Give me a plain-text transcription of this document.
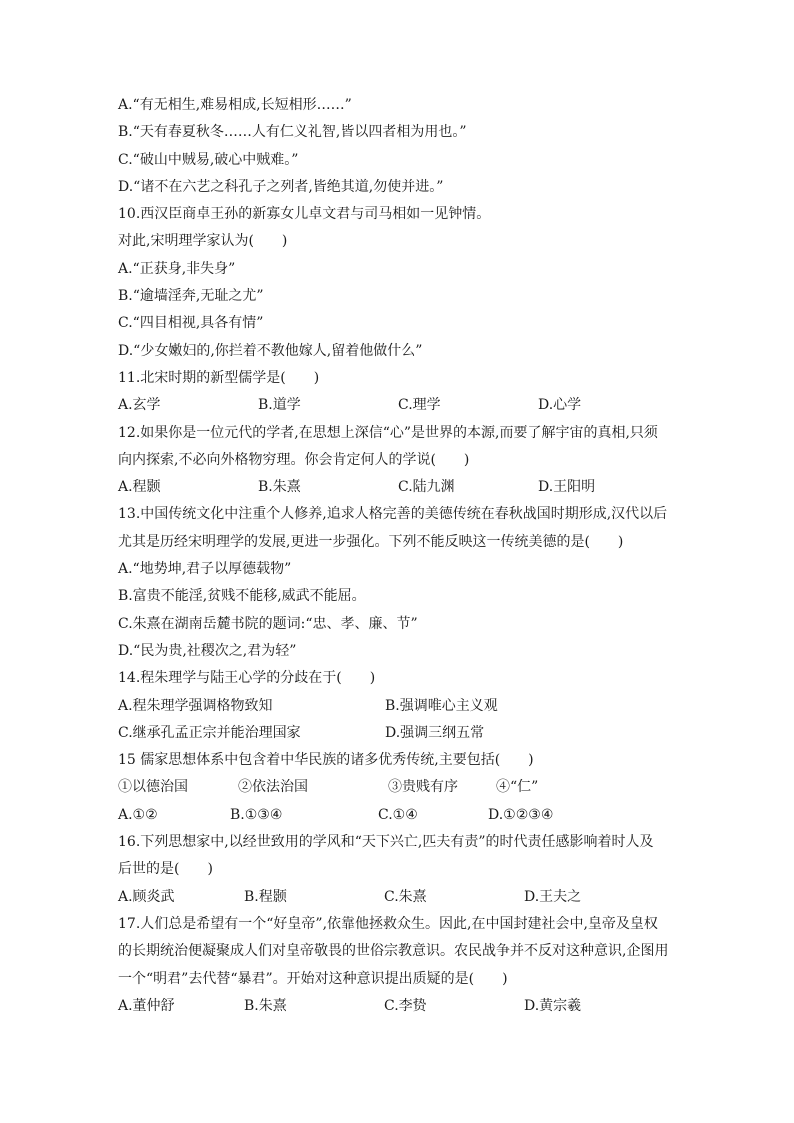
A.“有无相生,难易相成,长短相形……”
B.“天有春夏秋冬……人有仁义礼智,皆以四者相为用也。”
C.“破山中贼易,破心中贼难。”
D.“诸不在六艺之科孔子之列者,皆绝其道,勿使并进。”
10.西汉臣商卓王孙的新寡女儿卓文君与司马相如一见钟情。
对此,宋明理学家认为(　　)
A.“正获身,非失身”
B.“逾墙淫奔,无耻之尤”
C.“四目相视,具各有情”
D.“少女嫩妇的,你拦着不教他嫁人,留着他做什么”
11.北宋时期的新型儒学是(　　)
A.玄学	B.道学	C.理学	D.心学
12.如果你是一位元代的学者,在思想上深信“心”是世界的本源,而要了解宇宙的真相,只须
向内探索,不必向外格物穷理。你会肯定何人的学说(　　)
A.程颢	B.朱熹	C.陆九渊	D.王阳明
13.中国传统文化中注重个人修养,追求人格完善的美德传统在春秋战国时期形成,汉代以后
尤其是历经宋明理学的发展,更进一步强化。下列不能反映这一传统美德的是(　　)
A.“地势坤,君子以厚德载物”
B.富贵不能淫,贫贱不能移,威武不能屈。
C.朱熹在湖南岳麓书院的题词:“忠、孝、廉、节”
D.“民为贵,社稷次之,君为轻”
14.程朱理学与陆王心学的分歧在于(　　)
A.程朱理学强调格物致知	B.强调唯心主义观
C.继承孔孟正宗并能治理国家	D.强调三纲五常
15 儒家思想体系中包含着中华民族的诸多优秀传统,主要包括(　　)
①以德治国	②依法治国	③贵贱有序	④“仁”
A.①②	B.①③④	C.①④	D.①②③④
16.下列思想家中,以经世致用的学风和“天下兴亡,匹夫有责”的时代责任感影响着时人及
后世的是(　　)
A.顾炎武	B.程颢	C.朱熹	D.王夫之
17.人们总是希望有一个“好皇帝”,依靠他拯救众生。因此,在中国封建社会中,皇帝及皇权
的长期统治便凝聚成人们对皇帝敬畏的世俗宗教意识。农民战争并不反对这种意识,企图用
一个“明君”去代替“暴君”。开始对这种意识提出质疑的是(　　)
A.董仲舒	B.朱熹	C.李贽	D.黄宗羲
